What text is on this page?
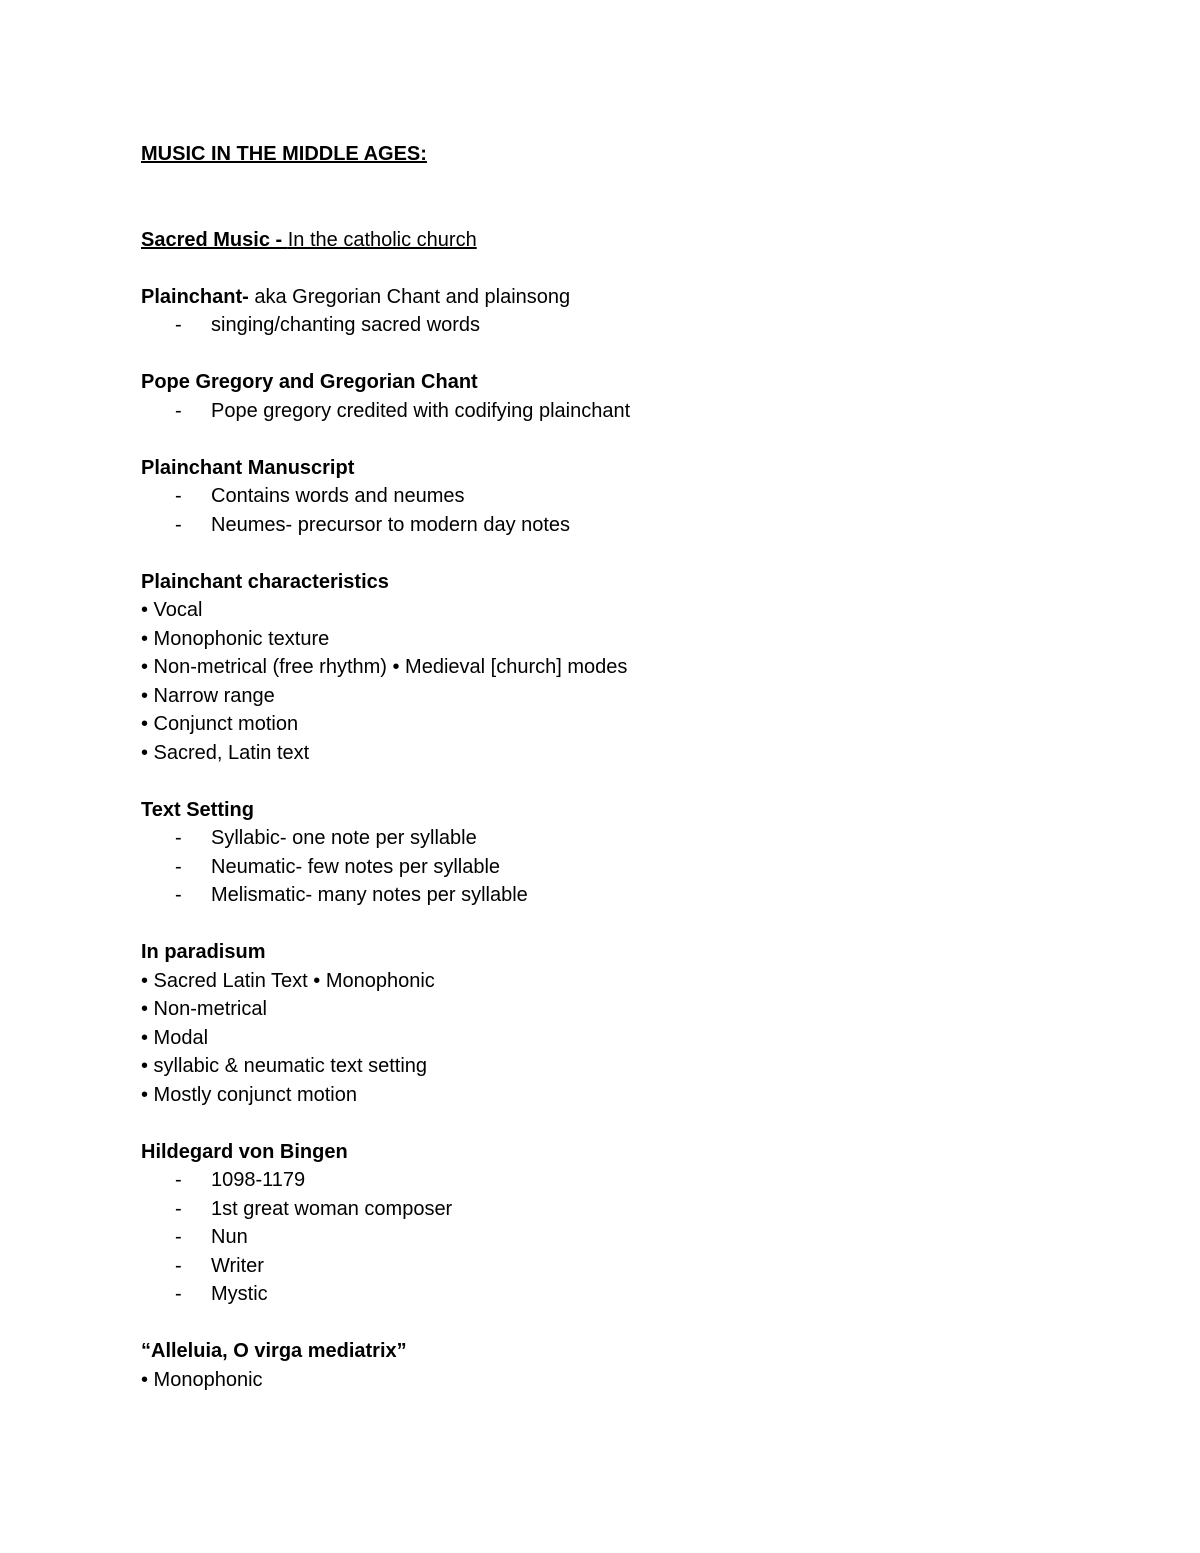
MUSIC IN THE MIDDLE AGES:

Sacred Music - In the catholic church

Plainchant- aka Gregorian Chant and plainsong

- singing/chanting sacred words

Pope Gregory and Gregorian Chant

- Pope gregory credited with codifying plainchant

Plainchant Manuscript

- Contains words and neumes

- Neumes- precursor to modern day notes

Plainchant characteristics

• Vocal

• Monophonic texture

• Non-metrical (free rhythm) • Medieval [church] modes

• Narrow range

• Conjunct motion

• Sacred, Latin text

Text Setting

- Syllabic- one note per syllable

- Neumatic- few notes per syllable

- Melismatic- many notes per syllable

In paradisum

• Sacred Latin Text • Monophonic

• Non-metrical

• Modal

• syllabic & neumatic text setting

• Mostly conjunct motion

Hildegard von Bingen

- 1098-1179

- 1st great woman composer

- Nun

- Writer

- Mystic

“Alleluia, O virga mediatrix”

• Monophonic
